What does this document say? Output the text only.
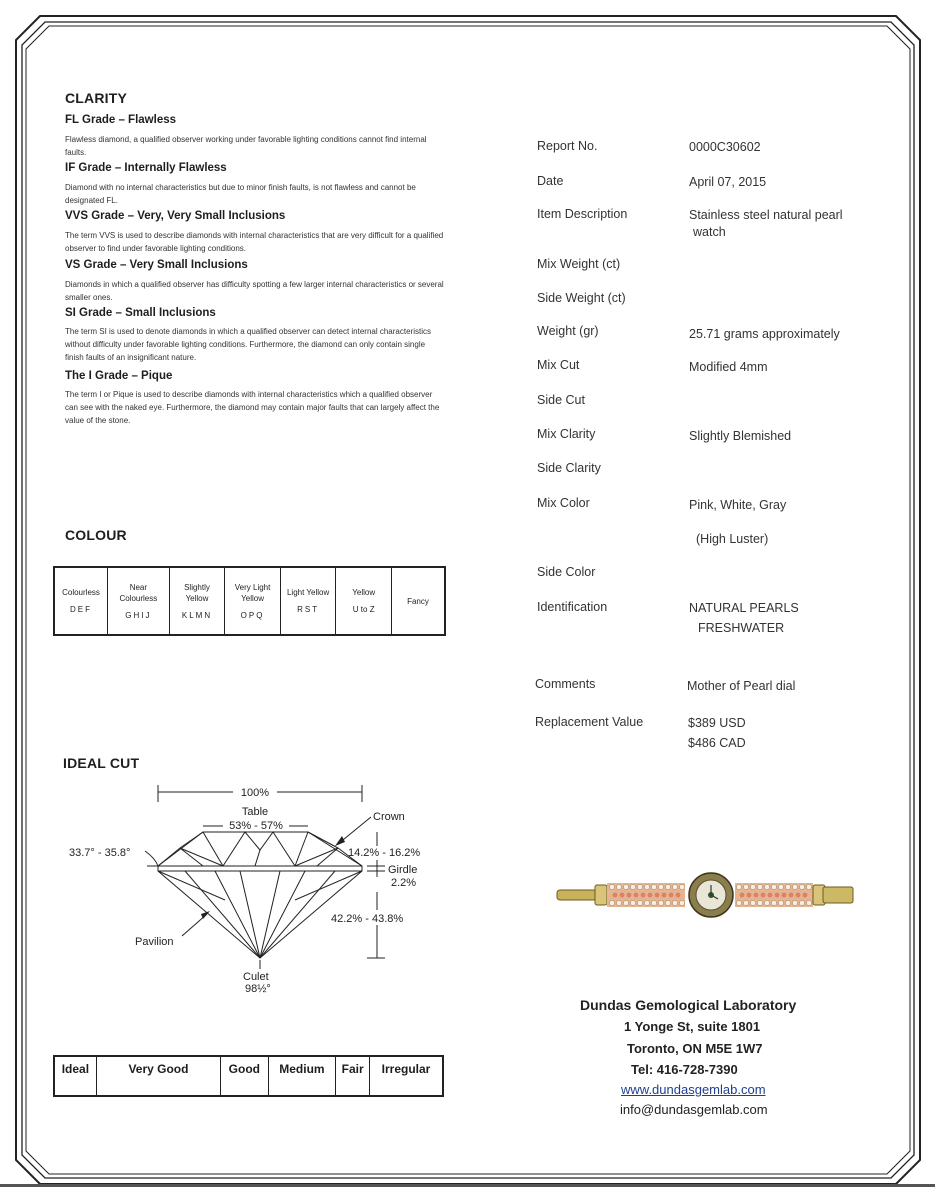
CLARITY
FL Grade – Flawless
Flawless diamond, a qualified observer working under favorable lighting conditions cannot find internal faults.
IF Grade – Internally Flawless
Diamond with no internal characteristics but due to minor finish faults, is not flawless and cannot be designated FL.
VVS Grade – Very, Very Small Inclusions
The term VVS is used to describe diamonds with internal characteristics that are very difficult for a qualified observer to find under favorable lighting conditions.
VS Grade – Very Small Inclusions
Diamonds in which a qualified observer has difficulty spotting a few larger internal characteristics or several smaller ones.
SI Grade – Small Inclusions
The term SI is used to denote diamonds in which a qualified observer can detect internal characteristics without difficulty under favorable lighting conditions. Furthermore, the diamond can only contain single finish faults of an insignificant nature.
The I Grade – Pique
The term I or Pique is used to describe diamonds with internal characteristics which a qualified observer can see with the naked eye. Furthermore, the diamond may contain major faults that can largely affect the value of the stone.
COLOUR
Colourless
DEF
	Near Colourless
GHIJ
	Slightly Yellow
KLMN
	Very Light Yellow
OPQ
	Light Yellow
RST
	Yellow
U to Z
	Fancy
IDEAL CUT
100%
Table
53% - 57%
Crown
33.7° - 35.8°	14.2% - 16.2%
Girdle
2.2%
42.2% - 43.8%
Pavilion
Culet
98½°
Ideal	Very Good	Good	Medium	Fair	Irregular
Report No.	0000C30602
Date	April 07, 2015
Item Description	Stainless steel natural pearl
watch
Mix Weight (ct)
Side Weight (ct)
Weight (gr)	25.71 grams approximately
Mix Cut	Modified 4mm
Side Cut
Mix Clarity	Slightly Blemished
Side Clarity
Mix Color	Pink, White, Gray
(High Luster)
Side Color
Identification	NATURAL PEARLS
FRESHWATER
Comments	Mother of Pearl dial
Replacement Value	$389 USD
$486 CAD
Dundas Gemological Laboratory
1 Yonge St, suite 1801
Toronto, ON M5E 1W7
Tel: 416-728-7390
www.dundasgemlab.com
info@dundasgemlab.com
